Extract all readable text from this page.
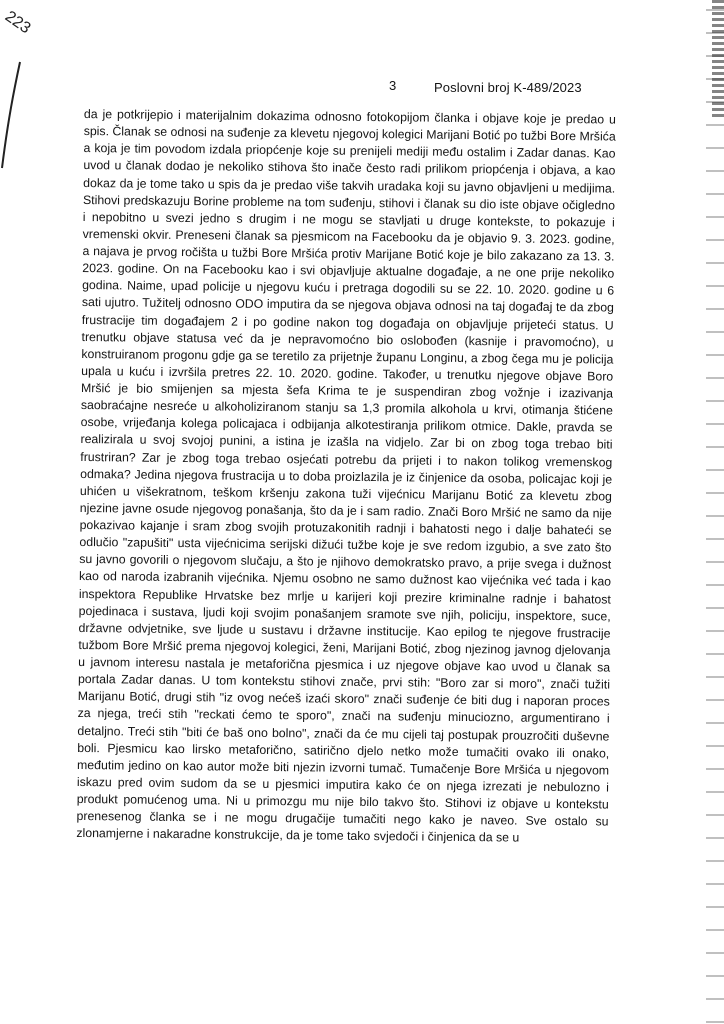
223
3	Poslovni broj K-489/2023

da je potkrijepio i materijalnim dokazima odnosno fotokopijom članka i objave koje je predao u spis. Članak se odnosi na suđenje za klevetu njegovoj kolegici Marijani Botić po tužbi Bore Mršića a koja je tim povodom izdala priopćenje koje su prenijeli mediji među ostalim i Zadar danas. Kao uvod u članak dodao je nekoliko stihova što inače često radi prilikom priopćenja i objava, a kao dokaz da je tome tako u spis da je predao više takvih uradaka koji su javno objavljeni u medijima. Stihovi predskazuju Borine probleme na tom suđenju, stihovi i članak su dio iste objave očigledno i nepobitno u svezi jedno s drugim i ne mogu se stavljati u druge kontekste, to pokazuje i vremenski okvir. Preneseni članak sa pjesmicom na Facebooku da je objavio 9. 3. 2023. godine, a najava je prvog ročišta u tužbi Bore Mršića protiv Marijane Botić koje je bilo zakazano za 13. 3. 2023. godine. On na Facebooku kao i svi objavljuje aktualne događaje, a ne one prije nekoliko godina. Naime, upad policije u njegovu kuću i pretraga dogodili su se 22. 10. 2020. godine u 6 sati ujutro. Tužitelj odnosno ODO imputira da se njegova objava odnosi na taj događaj te da zbog frustracije tim događajem 2 i po godine nakon tog događaja on objavljuje prijeteći status. U trenutku objave statusa već da je nepravomoćno bio oslobođen (kasnije i pravomoćno), u konstruiranom progonu gdje ga se teretilo za prijetnje županu Longinu, a zbog čega mu je policija upala u kuću i izvršila pretres 22. 10. 2020. godine. Također, u trenutku njegove objave Boro Mršić je bio smijenjen sa mjesta šefa Krima te je suspendiran zbog vožnje i izazivanja saobraćajne nesreće u alkoholiziranom stanju sa 1,3 promila alkohola u krvi, otimanja štićene osobe, vrijeđanja kolega policajaca i odbijanja alkotestiranja prilikom otmice. Dakle, pravda se realizirala u svoj svojoj punini, a istina je izašla na vidjelo. Zar bi on zbog toga trebao biti frustriran? Zar je zbog toga trebao osjećati potrebu da prijeti i to nakon tolikog vremenskog odmaka? Jedina njegova frustracija u to doba proizlazila je iz činjenice da osoba, policajac koji je uhićen u višekratnom, teškom kršenju zakona tuži vijećnicu Marijanu Botić za klevetu zbog njezine javne osude njegovog ponašanja, što da je i sam radio. Znači Boro Mršić ne samo da nije pokazivao kajanje i sram zbog svojih protuzakonitih radnji i bahatosti nego i dalje bahateći se odlučio "zapušiti" usta vijećnicima serijski dižući tužbe koje je sve redom izgubio, a sve zato što su javno govorili o njegovom slučaju, a što je njihovo demokratsko pravo, a prije svega i dužnost kao od naroda izabranih vijećnika. Njemu osobno ne samo dužnost kao vijećnika već tada i kao inspektora Republike Hrvatske bez mrlje u karijeri koji prezire kriminalne radnje i bahatost pojedinaca i sustava, ljudi koji svojim ponašanjem sramote sve njih, policiju, inspektore, suce, državne odvjetnike, sve ljude u sustavu i državne institucije. Kao epilog te njegove frustracije tužbom Bore Mršić prema njegovoj kolegici, ženi, Marijani Botić, zbog njezinog javnog djelovanja u javnom interesu nastala je metaforična pjesmica i uz njegove objave kao uvod u članak sa portala Zadar danas. U tom kontekstu stihovi znače, prvi stih: "Boro zar si moro", znači tužiti Marijanu Botić, drugi stih "iz ovog nećeš izaći skoro" znači suđenje će biti dug i naporan proces za njega, treći stih "reckati ćemo te sporo", znači na suđenju minuciozno, argumentirano i detaljno. Treći stih "biti će baš ono bolno", znači da će mu cijeli taj postupak prouzročiti duševne boli. Pjesmicu kao lirsko metaforično, satirično djelo netko može tumačiti ovako ili onako, međutim jedino on kao autor može biti njezin izvorni tumač. Tumačenje Bore Mršića u njegovom iskazu pred ovim sudom da se u pjesmici imputira kako će on njega izrezati je nebulozno i produkt pomućenog uma. Ni u primozgu mu nije bilo takvo što. Stihovi iz objave u kontekstu prenesenog članka se i ne mogu drugačije tumačiti nego kako je naveo. Sve ostalo su zlonamjerne i nakaradne konstrukcije, da je tome tako svjedoči i činjenica da se u
